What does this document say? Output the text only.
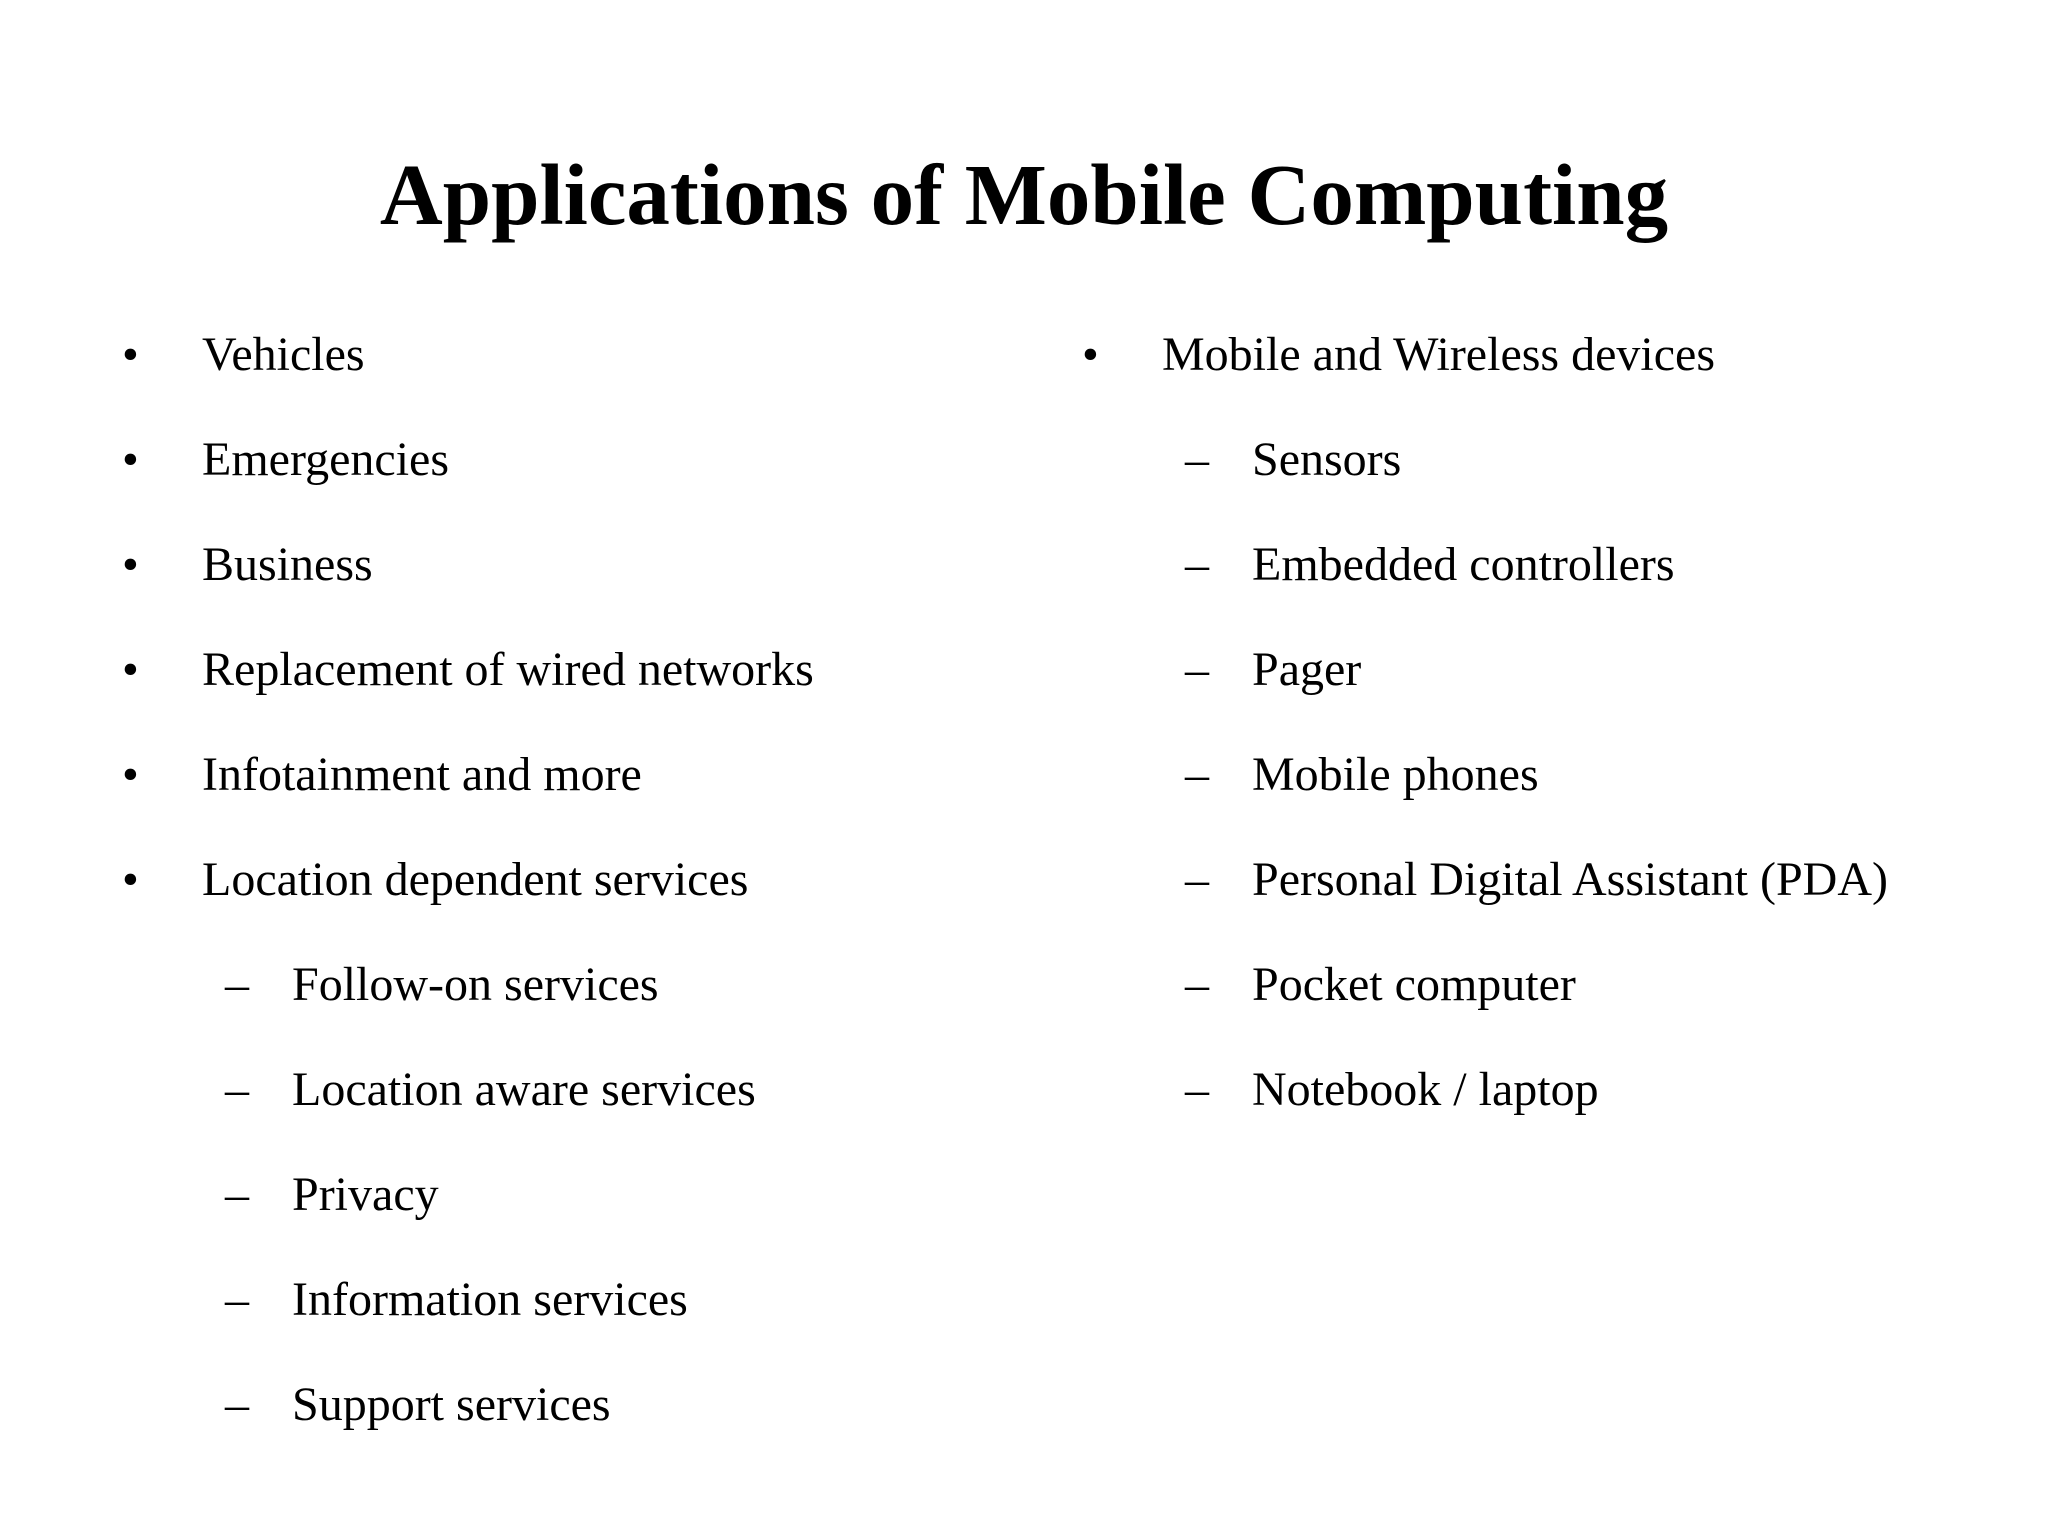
Applications of Mobile Computing
• Vehicles
• Emergencies
• Business
• Replacement of wired networks
• Infotainment and more
• Location dependent services
– Follow-on services
– Location aware services
– Privacy
– Information services
– Support services
• Mobile and Wireless devices
– Sensors
– Embedded controllers
– Pager
– Mobile phones
– Personal Digital Assistant (PDA)
– Pocket computer
– Notebook / laptop
